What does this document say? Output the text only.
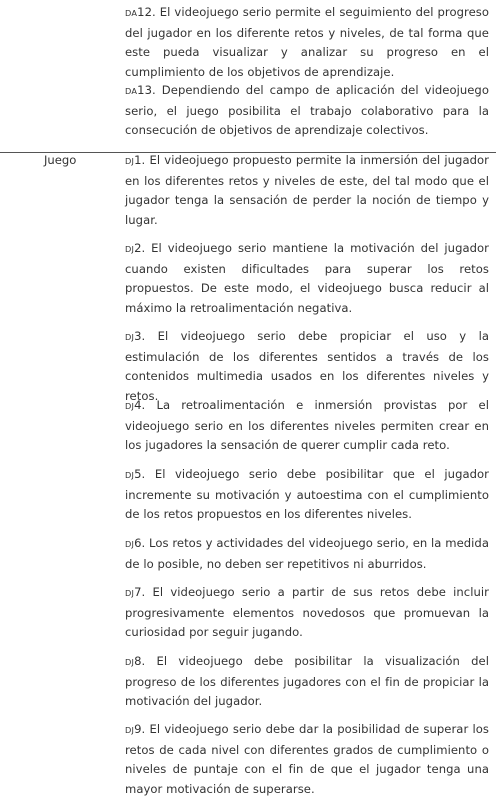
DA12. El videojuego serio permite el seguimiento del progreso del jugador en los diferente retos y niveles, de tal forma que este pueda visualizar y analizar su progreso en el cumplimiento de los objetivos de aprendizaje.
DA13. Dependiendo del campo de aplicación del videojuego serio, el juego posibilita el trabajo colaborativo para la consecución de objetivos de aprendizaje colectivos.
Juego	DJ1. El videojuego propuesto permite la inmersión del jugador en los diferentes retos y niveles de este, del tal modo que el jugador tenga la sensación de perder la noción de tiempo y lugar.
DJ2. El videojuego serio mantiene la motivación del jugador cuando existen dificultades para superar los retos propuestos. De este modo, el videojuego busca reducir al máximo la retroalimentación negativa.
DJ3. El videojuego serio debe propiciar el uso y la estimulación de los diferentes sentidos a través de los contenidos multimedia usados en los diferentes niveles y retos.
DJ4. La retroalimentación e inmersión provistas por el videojuego serio en los diferentes niveles permiten crear en los jugadores la sensación de querer cumplir cada reto.
DJ5. El videojuego serio debe posibilitar que el jugador incremente su motivación y autoestima con el cumplimiento de los retos propuestos en los diferentes niveles.
DJ6. Los retos y actividades del videojuego serio, en la medida de lo posible, no deben ser repetitivos ni aburridos.
DJ7. El videojuego serio a partir de sus retos debe incluir progresivamente elementos novedosos que promuevan la curiosidad por seguir jugando.
DJ8. El videojuego debe posibilitar la visualización del progreso de los diferentes jugadores con el fin de propiciar la motivación del jugador.
DJ9. El videojuego serio debe dar la posibilidad de superar los retos de cada nivel con diferentes grados de cumplimiento o niveles de puntaje con el fin de que el jugador tenga una mayor motivación de superarse.
